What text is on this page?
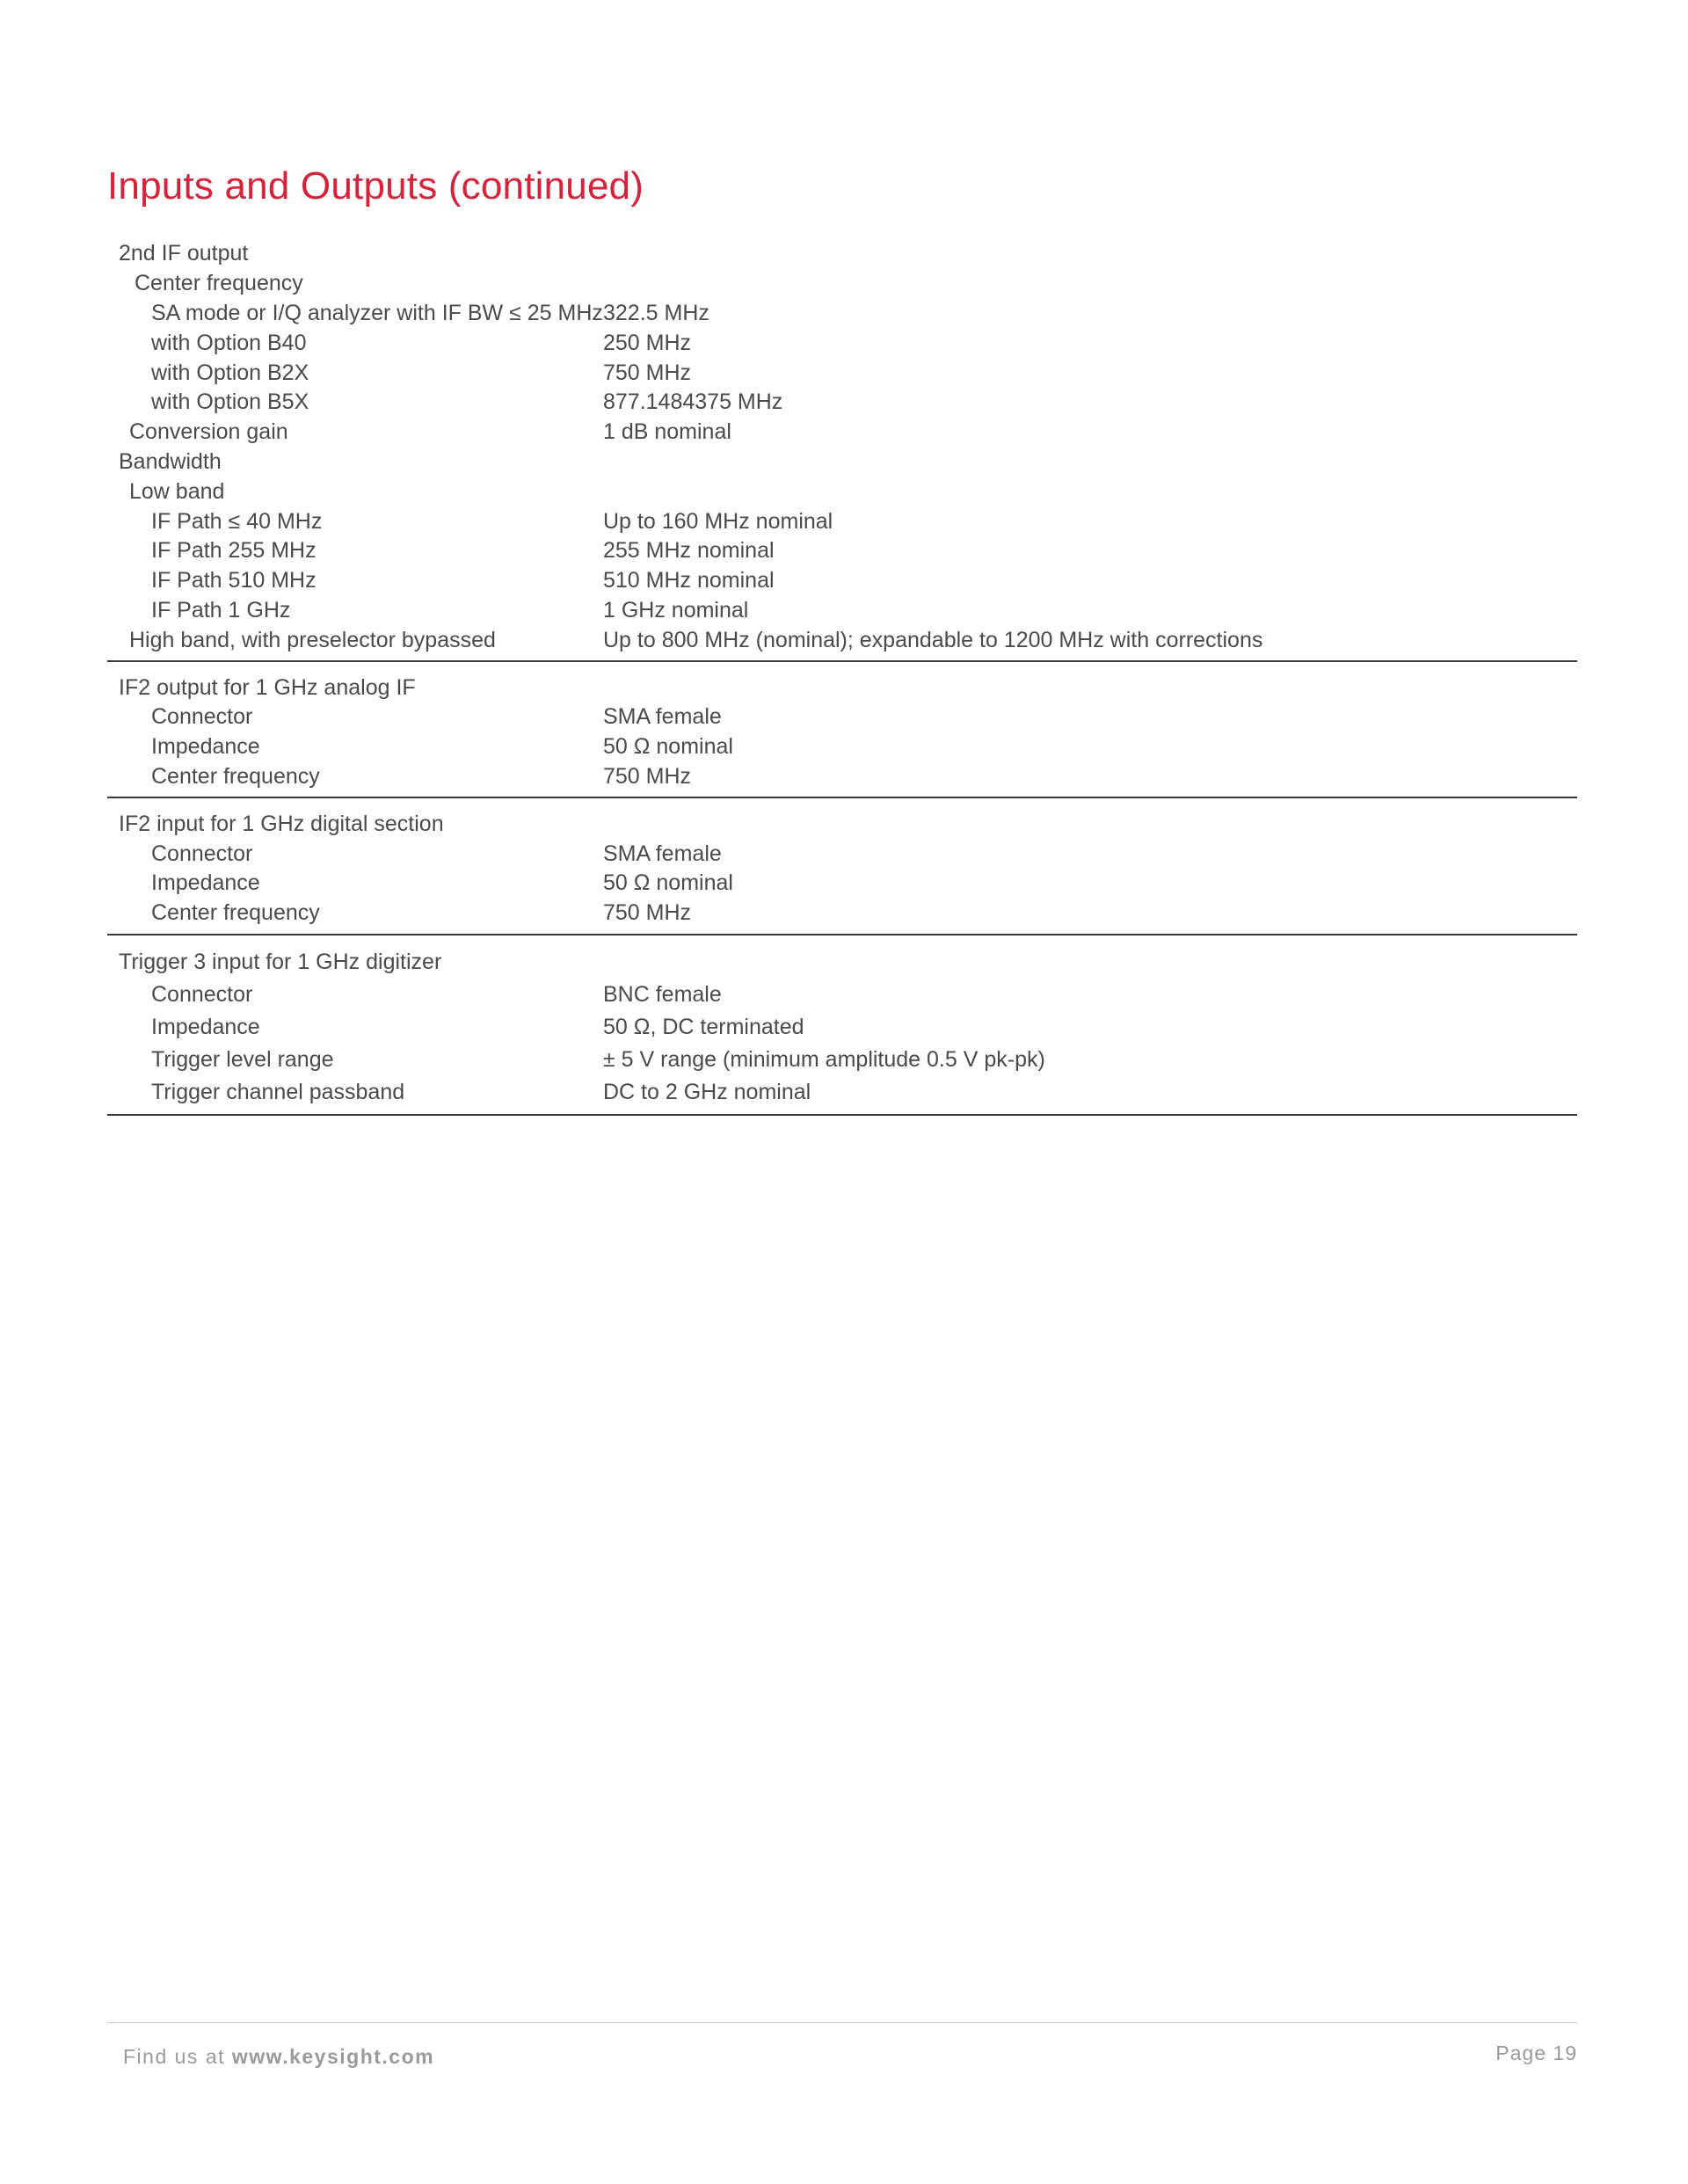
Inputs and Outputs (continued)
2nd IF output
Center frequency
SA mode or I/Q analyzer with IF BW ≤ 25 MHz 322.5 MHz
with Option B40	250 MHz
with Option B2X	750 MHz
with Option B5X	877.1484375 MHz
Conversion gain	1 dB nominal
Bandwidth
Low band
IF Path ≤ 40 MHz	Up to 160 MHz nominal
IF Path 255 MHz	255 MHz nominal
IF Path 510 MHz	510 MHz nominal
IF Path 1 GHz	1 GHz nominal
High band, with preselector bypassed	Up to 800 MHz (nominal); expandable to 1200 MHz with corrections
IF2 output for 1 GHz analog IF
Connector	SMA female
Impedance	50 Ω nominal
Center frequency	750 MHz
IF2 input for 1 GHz digital section
Connector	SMA female
Impedance	50 Ω nominal
Center frequency	750 MHz
Trigger 3 input for 1 GHz digitizer
Connector	BNC female
Impedance	50 Ω, DC terminated
Trigger level range	± 5 V range (minimum amplitude 0.5 V pk-pk)
Trigger channel passband	DC to 2 GHz nominal
Find us at www.keysight.com	Page 19
